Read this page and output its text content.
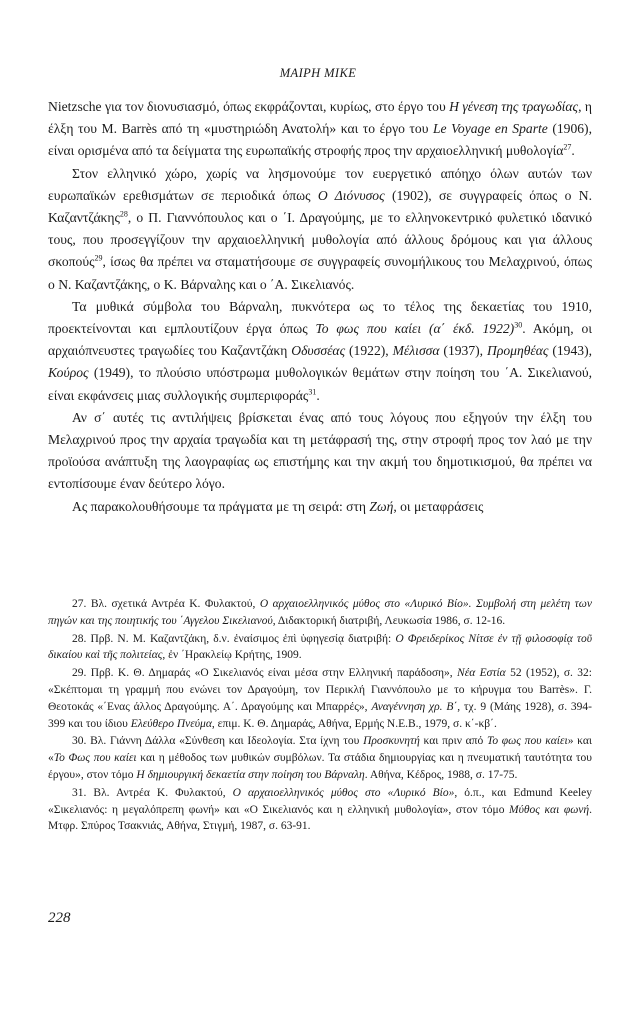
ΜΑΙΡΗ ΜΙΚΕ

Nietzsche για τον διονυσιασμό, όπως εκφράζονται, κυρίως, στο έργο του Η γένεση της τραγωδίας, η έλξη του M. Barrès από τη «μυστηριώδη Ανατολή» και το έργο του Le Voyage en Sparte (1906), είναι ορισμένα από τα δείγματα της ευρωπαϊκής στροφής προς την αρχαιοελληνική μυθολογία$^{27}$.

Στον ελληνικό χώρο, χωρίς να λησμονούμε τον ευεργετικό απόηχο όλων αυτών των ευρωπαϊκών ερεθισμάτων σε περιοδικά όπως Ο Διόνυσος (1902), σε συγγραφείς όπως ο Ν. Καζαντζάκης$^{28}$, ο Π. Γιαννόπουλος και ο ΄Ι. Δραγούμης, με το ελληνοκεντρικό φυλετικό ιδανικό τους, που προσεγγίζουν την αρχαιοελληνική μυθολογία από άλλους δρόμους και για άλλους σκοπούς$^{29}$, ίσως θα πρέπει να σταματήσουμε σε συγγραφείς συνομήλικους του Μελαχρινού, όπως ο Ν. Καζαντζάκης, ο Κ. Βάρναλης και ο ΄Α. Σικελιανός.

Τα μυθικά σύμβολα του Βάρναλη, πυκνότερα ως το τέλος της δεκαετίας του 1910, προεκτείνονται και εμπλουτίζουν έργα όπως Το φως που καίει (α΄ έκδ. 1922)$^{30}$. Ακόμη, οι αρχαιόπνευστες τραγωδίες του Καζαντζάκη Οδυσσέας (1922), Μέλισσα (1937), Προμηθέας (1943), Κούρος (1949), το πλούσιο υπόστρωμα μυθολογικών θεμάτων στην ποίηση του ΄Α. Σικελιανού, είναι εκφάνσεις μιας συλλογικής συμπεριφοράς$^{31}$.

Αν σ΄ αυτές τις αντιλήψεις βρίσκεται ένας από τους λόγους που εξηγούν την έλξη του Μελαχρινού προς την αρχαία τραγωδία και τη μετάφρασή της, στην στροφή προς τον λαό με την προϊούσα ανάπτυξη της λαογραφίας ως επιστήμης και την ακμή του δημοτικισμού, θα πρέπει να εντοπίσουμε έναν δεύτερο λόγο.

Ας παρακολουθήσουμε τα πράγματα με τη σειρά: στη Ζωή, οι μεταφράσεις

27. Βλ. σχετικά Αντρέα Κ. Φυλακτού, Ο αρχαιοελληνικός μύθος στο «Λυρικό Βίο». Συμβολή στη μελέτη των πηγών και της ποιητικής του ΄Αγγελου Σικελιανού, Διδακτορική διατριβή, Λευκωσία 1986, σ. 12-16.

28. Πρβ. Ν. Μ. Καζαντζάκη, δ.ν. ἐναίσιμος ἐπὶ ὑφηγεσίᾳ διατριβή: Ο Φρειδερίκος Νίτσε ἐν τῇ φιλοσοφίᾳ τοῦ δικαίου καὶ τῆς πολιτείας, ἐν ΄Ηρακλείῳ Κρήτης, 1909.

29. Πρβ. Κ. Θ. Δημαράς «Ο Σικελιανός είναι μέσα στην Ελληνική παράδοση», Νέα Εστία 52 (1952), σ. 32: «Σκέπτομαι τη γραμμή που ενώνει τον Δραγούμη, τον Περικλή Γιαννόπουλο με το κήρυγμα του Barrès». Γ. Θεοτοκάς «΄Ενας άλλος Δραγούμης. Α΄. Δραγούμης και Μπαρρές», Αναγέννηση χρ. Β΄, τχ. 9 (Μάης 1928), σ. 394-399 και του ίδιου Ελεύθερο Πνεύμα, επιμ. Κ. Θ. Δημαράς, Αθήνα, Ερμής Ν.Ε.Β., 1979, σ. κ΄-κβ΄.

30. Βλ. Γιάννη Δάλλα «Σύνθεση και Ιδεολογία. Στα ίχνη του Προσκυνητή και πριν από Το φως που καίει» και «Το Φως που καίει και η μέθοδος των μυθικών συμβόλων. Τα στάδια δημιουργίας και η πνευματική ταυτότητα του έργου», στον τόμο Η δημιουργική δεκαετία στην ποίηση του Βάρναλη. Αθήνα, Κέδρος, 1988, σ. 17-75.

31. Βλ. Αντρέα Κ. Φυλακτού, Ο αρχαιοελληνικός μύθος στο «Λυρικό Βίο», ό.π., και Edmund Keeley «Σικελιανός: η μεγαλόπρεπη φωνή» και «Ο Σικελιανός και η ελληνική μυθολογία», στον τόμο Μύθος και φωνή. Μτφρ. Σπύρος Τσακνιάς, Αθήνα, Στιγμή, 1987, σ. 63-91.

228
